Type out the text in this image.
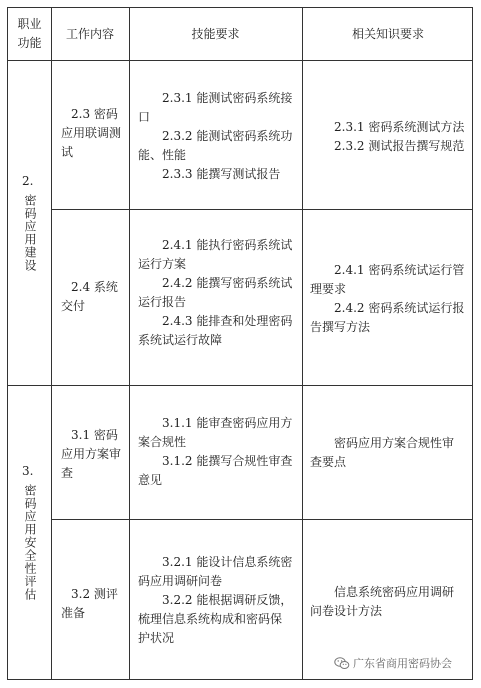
职业

功能

工作内容	技能要求	相关知识要求
2.
密码应用建设

2.3 密码

应用联调测

试

2.3.1 能测试密码系统接

口

2.3.2 能测试密码系统功

能、性能

2.3.3 能撰写测试报告

2.3.1 密码系统测试方法

2.3.2 测试报告撰写规范

2.4 系统

交付

2.4.1 能执行密码系统试

运行方案

2.4.2 能撰写密码系统试

运行报告

2.4.3 能排查和处理密码

系统试运行故障

2.4.1 密码系统试运行管

理要求

2.4.2 密码系统试运行报

告撰写方法

3.
密码应用安全性评估

3.1 密码

应用方案审

查

3.1.1 能审查密码应用方

案合规性

3.1.2 能撰写合规性审查

意见

密码应用方案合规性审

查要点

3.2 测评

准备

3.2.1 能设计信息系统密

码应用调研问卷

3.2.2 能根据调研反馈，

梳理信息系统构成和密码保

护状况

信息系统密码应用调研

问卷设计方法

广东省商用密码协会
